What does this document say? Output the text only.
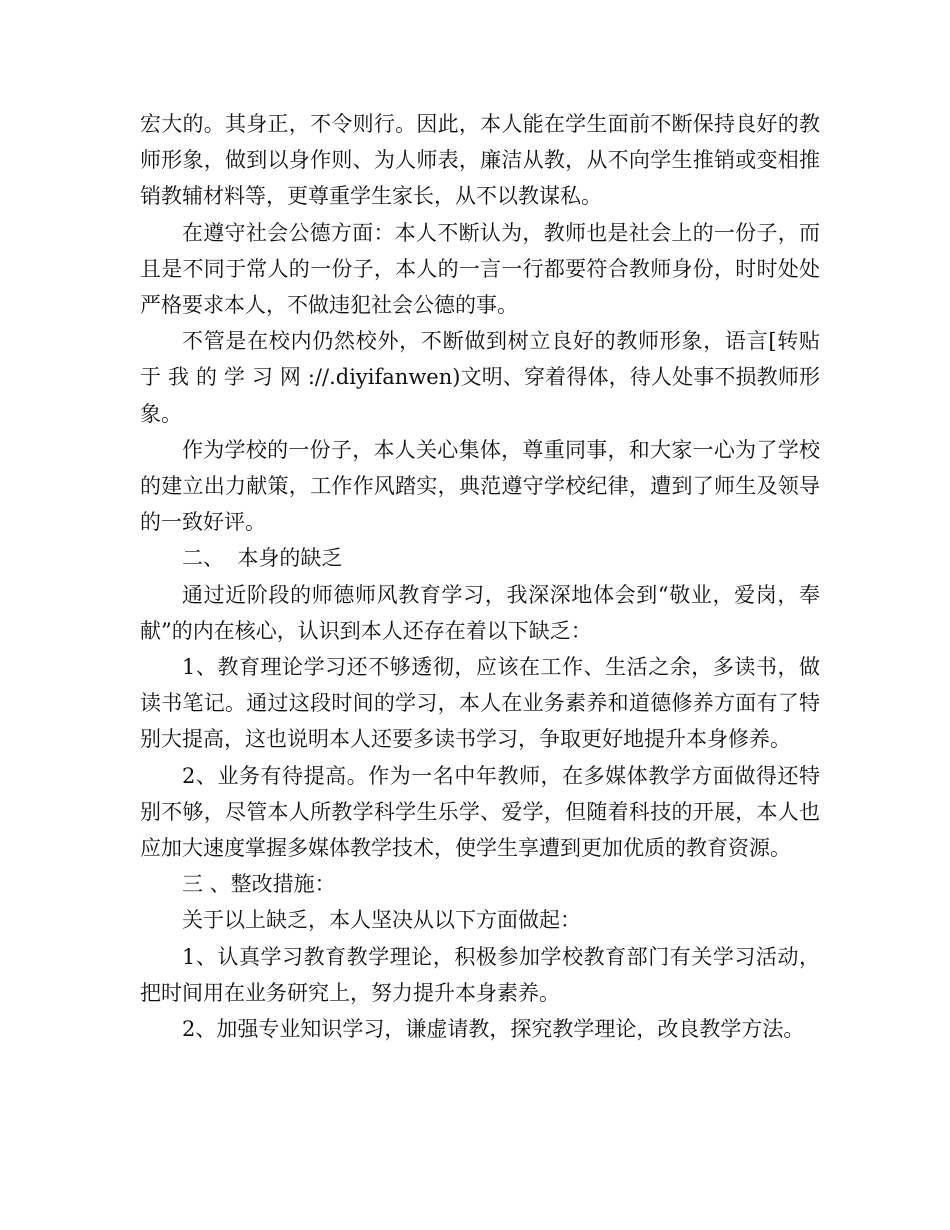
宏大的。其身正，不令则行。因此，本人能在学生面前不断保持良好的教师形象，做到以身作则、为人师表，廉洁从教，从不向学生推销或变相推销教辅材料等，更尊重学生家长，从不以教谋私。

在遵守社会公德方面：本人不断认为，教师也是社会上的一份子，而且是不同于常人的一份子，本人的一言一行都要符合教师身份，时时处处严格要求本人，不做违犯社会公德的事。

不管是在校内仍然校外，不断做到树立良好的教师形象，语言[转贴 于 我 的 学 习 网 ://.diyifanwen)文明、穿着得体，待人处事不损教师形象。

作为学校的一份子，本人关心集体，尊重同事，和大家一心为了学校的建立出力献策，工作作风踏实，典范遵守学校纪律，遭到了师生及领导的一致好评。

二、  本身的缺乏

通过近阶段的师德师风教育学习，我深深地体会到“敬业，爱岗，奉献”的内在核心，认识到本人还存在着以下缺乏：

1、教育理论学习还不够透彻，应该在工作、生活之余，多读书，做读书笔记。通过这段时间的学习，本人在业务素养和道德修养方面有了特别大提高，这也说明本人还要多读书学习，争取更好地提升本身修养。

2、业务有待提高。作为一名中年教师，在多媒体教学方面做得还特别不够，尽管本人所教学科学生乐学、爱学，但随着科技的开展，本人也应加大速度掌握多媒体教学技术，使学生享遭到更加优质的教育资源。

三 、整改措施：

关于以上缺乏，本人坚决从以下方面做起：

1、认真学习教育教学理论，积极参加学校教育部门有关学习活动，把时间用在业务研究上，努力提升本身素养。

2、加强专业知识学习，谦虚请教，探究教学理论，改良教学方法。
